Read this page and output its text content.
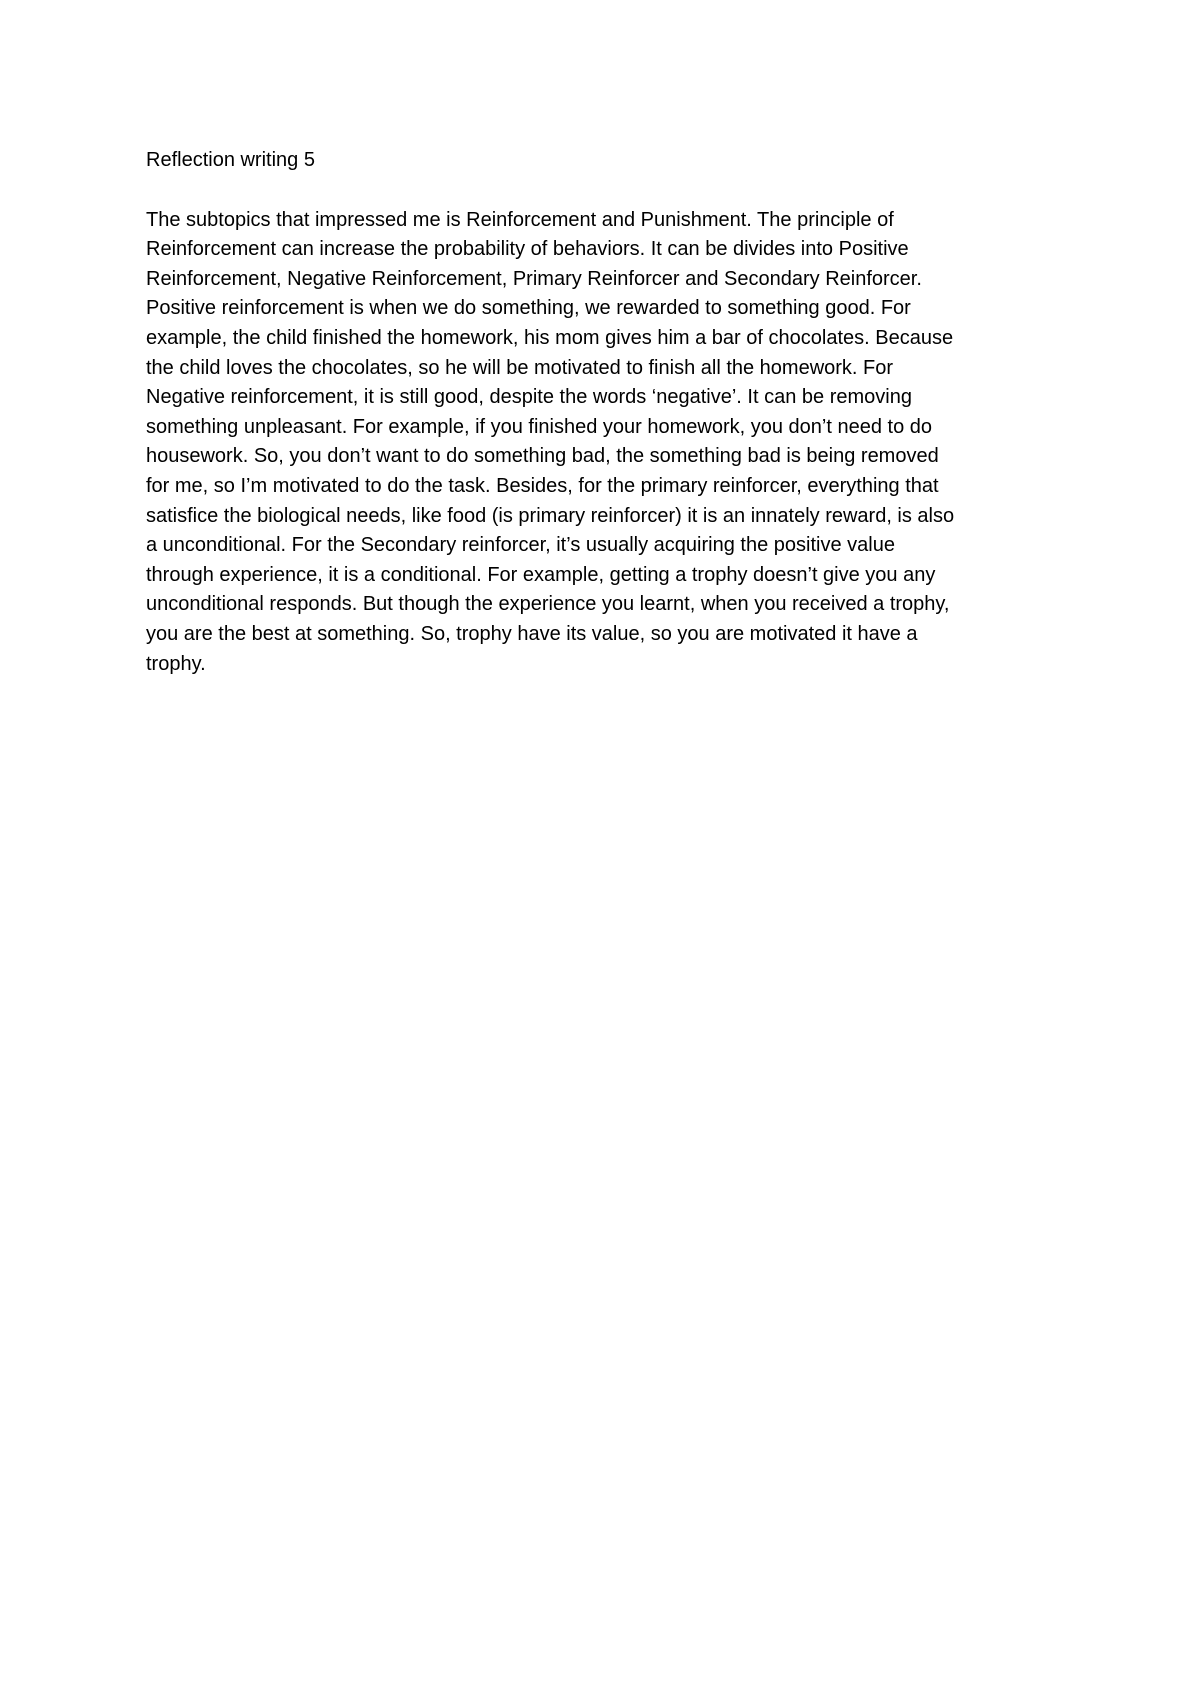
Reflection writing 5

The subtopics that impressed me is Reinforcement and Punishment. The principle of
Reinforcement can increase the probability of behaviors. It can be divides into Positive
Reinforcement, Negative Reinforcement, Primary Reinforcer and Secondary Reinforcer.
Positive reinforcement is when we do something, we rewarded to something good. For
example, the child finished the homework, his mom gives him a bar of chocolates. Because
the child loves the chocolates, so he will be motivated to finish all the homework. For
Negative reinforcement, it is still good, despite the words ‘negative’. It can be removing
something unpleasant. For example, if you finished your homework, you don’t need to do
housework. So, you don’t want to do something bad, the something bad is being removed
for me, so I’m motivated to do the task. Besides, for the primary reinforcer, everything that
satisfice the biological needs, like food (is primary reinforcer) it is an innately reward, is also
a unconditional. For the Secondary reinforcer, it’s usually acquiring the positive value
through experience, it is a conditional. For example, getting a trophy doesn’t give you any
unconditional responds. But though the experience you learnt, when you received a trophy,
you are the best at something. So, trophy have its value, so you are motivated it have a
trophy.
